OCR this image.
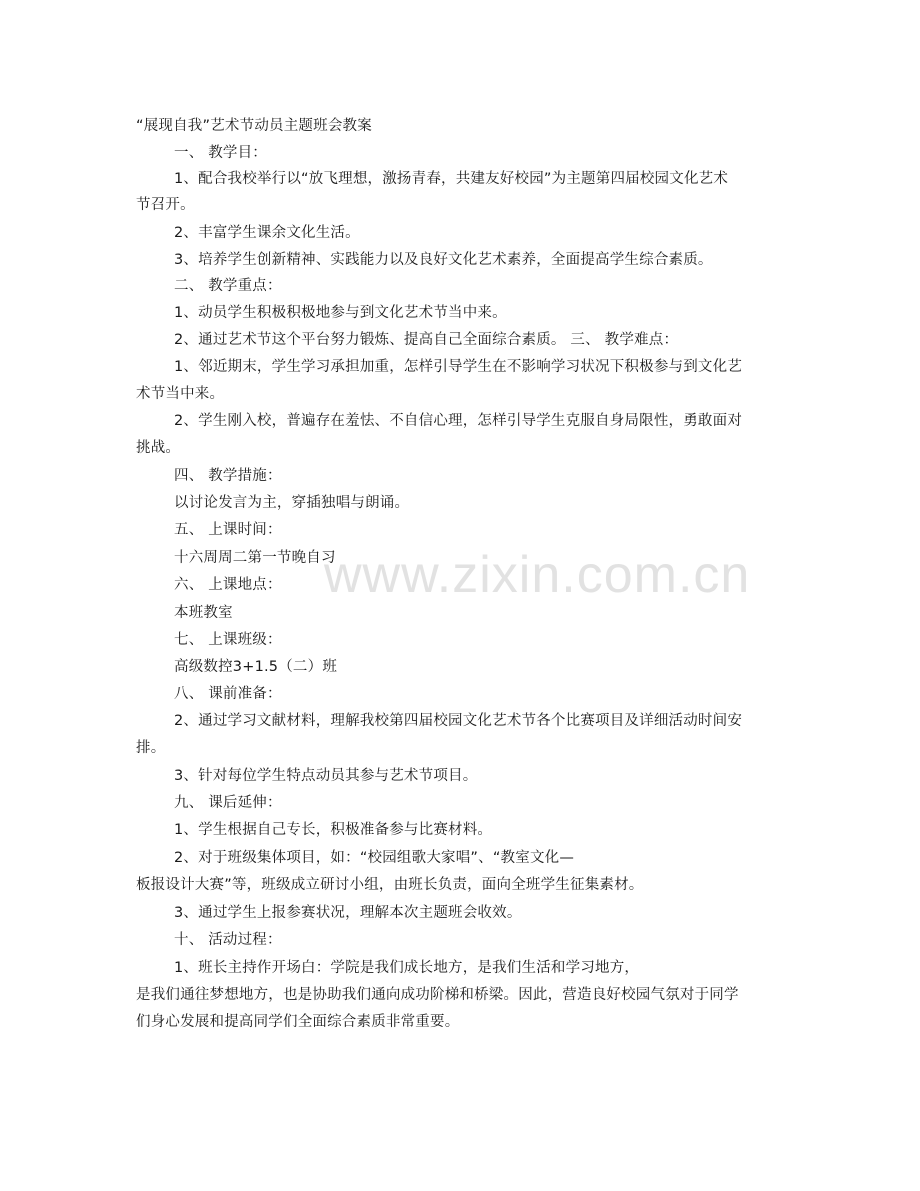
www.zixin.com.cn
“展现自我”艺术节动员主题班会教案
一、 教学目：
1、配合我校举行以“放飞理想，激扬青春，共建友好校园”为主题第四届校园文化艺术
节召开。
2、丰富学生课余文化生活。
3、培养学生创新精神、实践能力以及良好文化艺术素养，全面提高学生综合素质。
二、 教学重点：
1、动员学生积极积极地参与到文化艺术节当中来。
2、通过艺术节这个平台努力锻炼、提高自己全面综合素质。 三、 教学难点：
1、邻近期末，学生学习承担加重，怎样引导学生在不影响学习状况下积极参与到文化艺
术节当中来。
2、学生刚入校，普遍存在羞怯、不自信心理，怎样引导学生克服自身局限性，勇敢面对
挑战。
四、 教学措施：
以讨论发言为主，穿插独唱与朗诵。
五、 上课时间：
十六周周二第一节晚自习
六、 上课地点：
本班教室
七、 上课班级：
高级数控3+1.5（二）班
八、 课前准备：
2、通过学习文献材料，理解我校第四届校园文化艺术节各个比赛项目及详细活动时间安
排。
3、针对每位学生特点动员其参与艺术节项目。
九、 课后延伸：
1、学生根据自己专长，积极准备参与比赛材料。
2、对于班级集体项目，如：“校园组歌大家唱”、“教室文化—
板报设计大赛”等，班级成立研讨小组，由班长负责，面向全班学生征集素材。
3、通过学生上报参赛状况，理解本次主题班会收效。
十、 活动过程：
1、班长主持作开场白：学院是我们成长地方，是我们生活和学习地方，
是我们通往梦想地方，也是协助我们通向成功阶梯和桥梁。因此，营造良好校园气氛对于同学
们身心发展和提高同学们全面综合素质非常重要。
